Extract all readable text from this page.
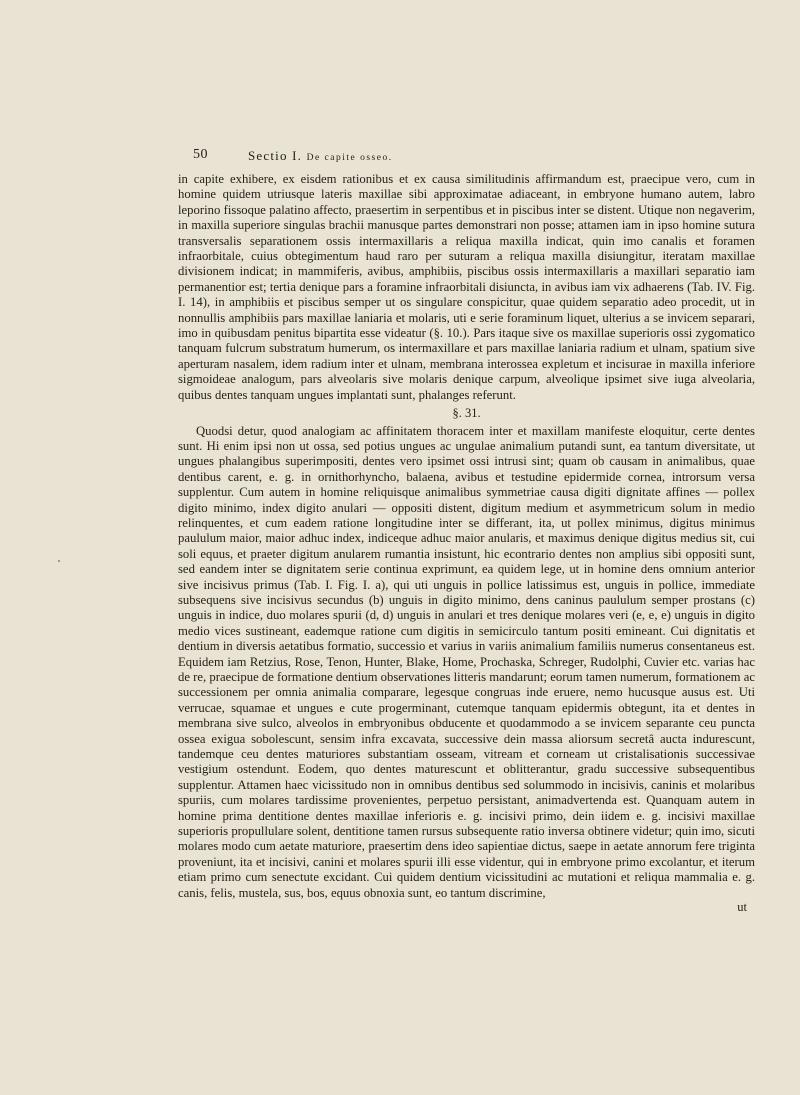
50	Sectio I. De capite osseo.

in capite exhibere, ex eisdem rationibus et ex causa similitudinis affirmandum est, praecipue vero, cum in homine quidem utriusque lateris maxillae sibi approximatae adiaceant, in embryone humano autem, labro leporino fissoque palatino affecto, praesertim in serpentibus et in piscibus inter se distent. Utique non negaverim, in maxilla superiore singulas brachii manusque partes demonstrari non posse; attamen iam in ipso homine sutura transversalis separationem ossis intermaxillaris a reliqua maxilla indicat, quin imo canalis et foramen infraorbitale, cuius obtegimentum haud raro per suturam a reliqua maxilla disiungitur, iteratam maxillae divisionem indicat; in mammiferis, avibus, amphibiis, piscibus ossis intermaxillaris a maxillari separatio iam permanentior est; tertia denique pars a foramine infraorbitali disiuncta, in avibus iam vix adhaerens (Tab. IV. Fig. I. 14), in amphibiis et piscibus semper ut os singulare conspicitur, quae quidem separatio adeo procedit, ut in nonnullis amphibiis pars maxillae laniaria et molaris, uti e serie foraminum liquet, ulterius a se invicem separari, imo in quibusdam penitus bipartita esse videatur (§. 10.). Pars itaque sive os maxillae superioris ossi zygomatico tanquam fulcrum substratum humerum, os intermaxillare et pars maxillae laniaria radium et ulnam, spatium sive aperturam nasalem, idem radium inter et ulnam, membrana interossea expletum et incisurae in maxilla inferiore sigmoideae analogum, pars alveolaris sive molaris denique carpum, alveolique ipsimet sive iuga alveolaria, quibus dentes tanquam ungues implantati sunt, phalanges referunt.

§. 31.

Quodsi detur, quod analogiam ac affinitatem thoracem inter et maxillam manifeste eloquitur, certe dentes sunt. Hi enim ipsi non ut ossa, sed potius ungues ac ungulae animalium putandi sunt, ea tantum diversitate, ut ungues phalangibus superimpositi, dentes vero ipsimet ossi intrusi sint; quam ob causam in animalibus, quae dentibus carent, e. g. in ornithorhyncho, balaena, avibus et testudine epidermide cornea, introrsum versa supplentur. Cum autem in homine reliquisque animalibus symmetriae causa digiti dignitate affines — pollex digito minimo, index digito anulari — oppositi distent, digitum medium et asymmetricum solum in medio relinquentes, et cum eadem ratione longitudine inter se differant, ita, ut pollex minimus, digitus minimus paululum maior, maior adhuc index, indiceque adhuc maior anularis, et maximus denique digitus medius sit, cui soli equus, et praeter digitum anularem rumantia insistunt, hic econtrario dentes non amplius sibi oppositi sunt, sed eandem inter se dignitatem serie continua exprimunt, ea quidem lege, ut in homine dens omnium anterior sive incisivus primus (Tab. I. Fig. I. a), qui uti unguis in pollice latissimus est, unguis in pollice, immediate subsequens sive incisivus secundus (b) unguis in digito minimo, dens caninus paululum semper prostans (c) unguis in indice, duo molares spurii (d, d) unguis in anulari et tres denique molares veri (e, e, e) unguis in digito medio vices sustineant, eademque ratione cum digitis in semicirculo tantum positi emineant. Cui dignitatis et dentium in diversis aetatibus formatio, successio et varius in variis animalium familiis numerus consentaneus est. Equidem iam Retzius, Rose, Tenon, Hunter, Blake, Home, Prochaska, Schreger, Rudolphi, Cuvier etc. varias hac de re, praecipue de formatione dentium observationes litteris mandarunt; eorum tamen numerum, formationem ac successionem per omnia animalia comparare, legesque congruas inde eruere, nemo hucusque ausus est. Uti verrucae, squamae et ungues e cute progerminant, cutemque tanquam epidermis obtegunt, ita et dentes in membrana sive sulco, alveolos in embryonibus obducente et quodammodo a se invicem separante ceu puncta ossea exigua sobolescunt, sensim infra excavata, successive dein massa aliorsum secretâ aucta indurescunt, tandemque ceu dentes maturiores substantiam osseam, vitream et corneam ut cristalisationis successivae vestigium ostendunt. Eodem, quo dentes maturescunt et oblitterantur, gradu successive subsequentibus supplentur. Attamen haec vicissitudo non in omnibus dentibus sed solummodo in incisivis, caninis et molaribus spuriis, cum molares tardissime provenientes, perpetuo persistant, animadvertenda est. Quanquam autem in homine prima dentitione dentes maxillae inferioris e. g. incisivi primo, dein iidem e. g. incisivi maxillae superioris propullulare solent, dentitione tamen rursus subsequente ratio inversa obtinere videtur; quin imo, sicuti molares modo cum aetate maturiore, praesertim dens ideo sapientiae dictus, saepe in aetate annorum fere triginta proveniunt, ita et incisivi, canini et molares spurii illi esse videntur, qui in embryone primo excolantur, et iterum etiam primo cum senectute excidant. Cui quidem dentium vicissitudini ac mutationi et reliqua mammalia e. g. canis, felis, mustela, sus, bos, equus obnoxia sunt, eo tantum discrimine,

ut
